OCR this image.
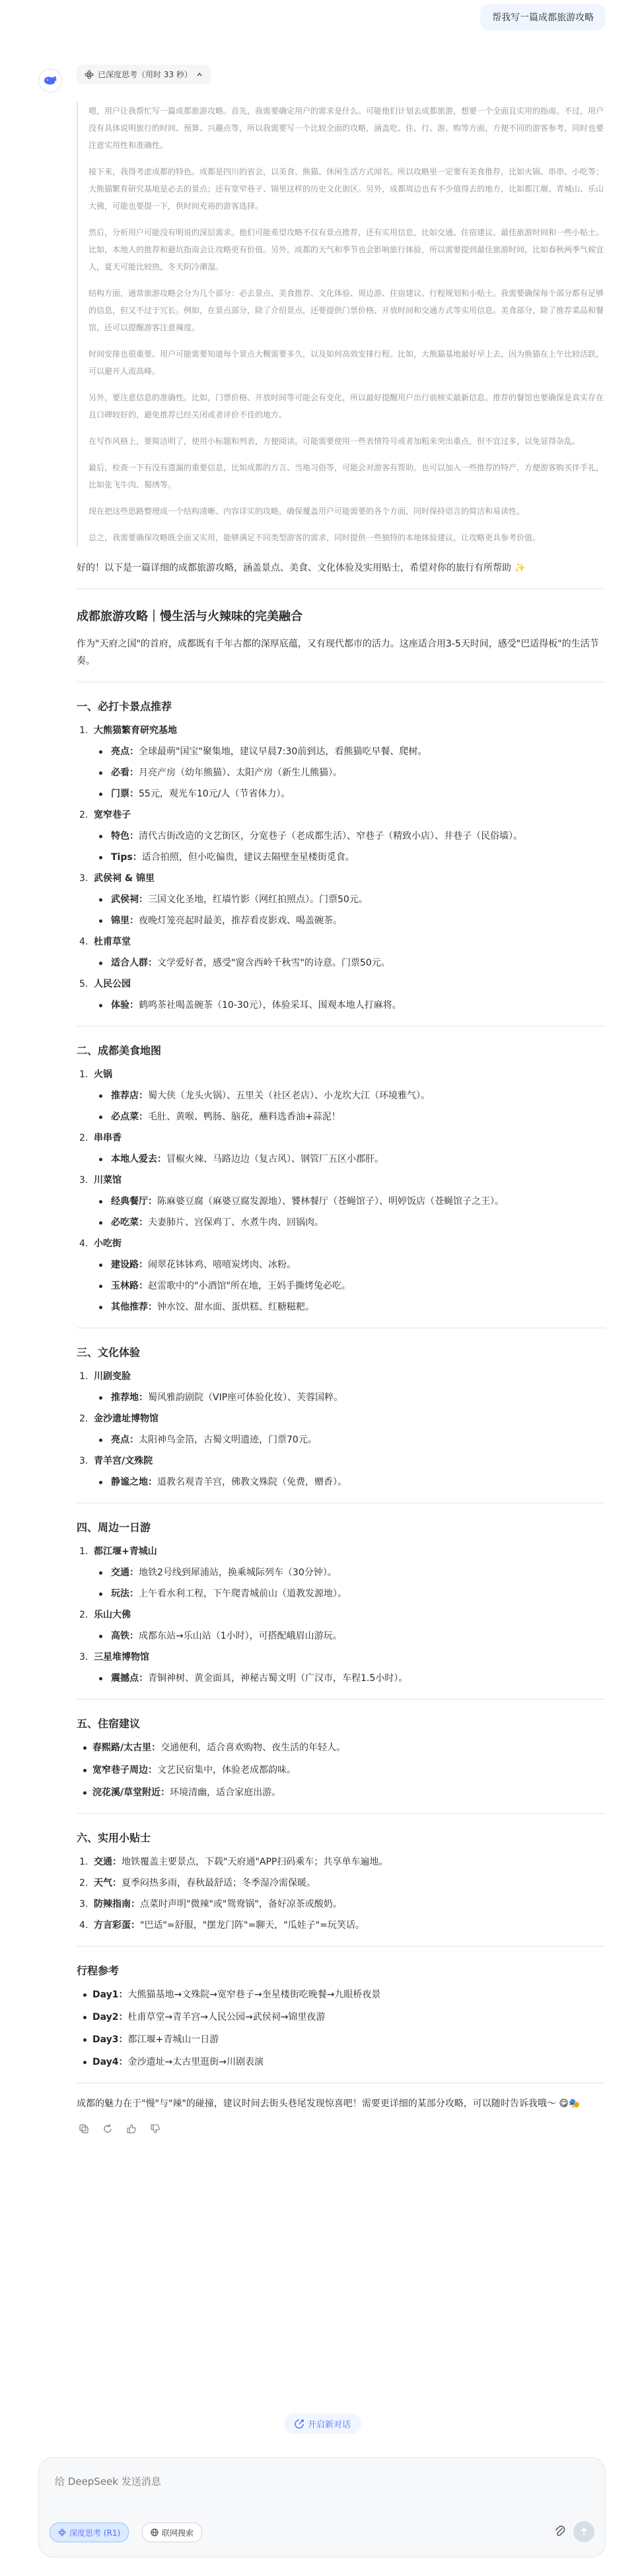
帮我写一篇成都旅游攻略
已深度思考（用时 33 秒）

嗯，用户让我帮忙写一篇成都旅游攻略。首先，我需要确定用户的需求是什么。可能他们计划去成都旅游，想要一个全面且实用的指南。不过，用户没有具体说明旅行的时间、预算、兴趣点等，所以我需要写一个比较全面的攻略，涵盖吃、住、行、游、购等方面，方便不同的游客参考，同时也要注意实用性和准确性。

接下来，我得考虑成都的特色。成都是四川的省会，以美食、熊猫、休闲生活方式闻名。所以攻略里一定要有美食推荐，比如火锅、串串、小吃等；大熊猫繁育研究基地是必去的景点；还有宽窄巷子、锦里这样的历史文化街区。另外，成都周边也有不少值得去的地方，比如都江堰、青城山、乐山大佛，可能也要提一下，供时间充裕的游客选择。

然后，分析用户可能没有明说的深层需求。他们可能希望攻略不仅有景点推荐，还有实用信息，比如交通、住宿建议、最佳旅游时间和一些小贴士。比如，本地人的推荐和避坑指南会让攻略更有价值。另外，成都的天气和季节也会影响旅行体验，所以需要提到最佳旅游时间，比如春秋两季气候宜人，夏天可能比较热，冬天阴冷潮湿。

结构方面，通常旅游攻略会分为几个部分：必去景点、美食推荐、文化体验、周边游、住宿建议、行程规划和小贴士。我需要确保每个部分都有足够的信息，但又不过于冗长。例如，在景点部分，除了介绍景点，还要提供门票价格、开放时间和交通方式等实用信息。美食部分，除了推荐菜品和餐馆，还可以提醒游客注意辣度。

时间安排也很重要。用户可能需要知道每个景点大概需要多久，以及如何高效安排行程。比如，大熊猫基地最好早上去，因为熊猫在上午比较活跃，可以避开人流高峰。

另外，要注意信息的准确性。比如，门票价格、开放时间等可能会有变化，所以最好提醒用户出行前核实最新信息。推荐的餐馆也要确保是真实存在且口碑较好的，避免推荐已经关闭或者评价不佳的地方。

在写作风格上，要简洁明了，使用小标题和列表，方便阅读。可能需要使用一些表情符号或者加粗来突出重点，但不宜过多，以免显得杂乱。

最后，检查一下有没有遗漏的重要信息，比如成都的方言、当地习俗等，可能会对游客有帮助。也可以加入一些推荐的特产，方便游客购买伴手礼，比如张飞牛肉、蜀绣等。

现在把这些思路整理成一个结构清晰、内容详实的攻略，确保覆盖用户可能需要的各个方面，同时保持语言的简洁和易读性。

总之，我需要确保攻略既全面又实用，能够满足不同类型游客的需求，同时提供一些独特的本地体验建议，让攻略更具参考价值。

好的！以下是一篇详细的成都旅游攻略，涵盖景点、美食、文化体验及实用贴士，希望对你的旅行有所帮助 ✨

成都旅游攻略｜慢生活与火辣味的完美融合

作为"天府之国"的首府，成都既有千年古都的深厚底蕴，又有现代都市的活力。这座适合用3-5天时间，感受"巴适得板"的生活节奏。

一、必打卡景点推荐
1. 大熊猫繁育研究基地
亮点：全球最萌"国宝"聚集地，建议早晨7:30前到达，看熊猫吃早餐、爬树。
必看：月亮产房（幼年熊猫）、太阳产房（新生儿熊猫）。
门票：55元，观光车10元/人（节省体力）。
2. 宽窄巷子
特色：清代古街改造的文艺街区，分宽巷子（老成都生活）、窄巷子（精致小店）、井巷子（民俗墙）。
Tips：适合拍照，但小吃偏贵，建议去隔壁奎星楼街觅食。
3. 武侯祠 & 锦里
武侯祠：三国文化圣地，红墙竹影（网红拍照点）。门票50元。
锦里：夜晚灯笼亮起时最美，推荐看皮影戏、喝盖碗茶。
4. 杜甫草堂
适合人群：文学爱好者，感受"窗含西岭千秋雪"的诗意。门票50元。
5. 人民公园
体验：鹤鸣茶社喝盖碗茶（10-30元），体验采耳、围观本地人打麻将。
二、成都美食地图
1. 火锅
推荐店：蜀大侠（龙头火锅）、五里关（社区老店）、小龙坎大江（环境雅气）。
必点菜：毛肚、黄喉、鸭肠、脑花，蘸料选香油+蒜泥！
2. 串串香
本地人爱去：冒椒火辣、马路边边（复古风）、钢管厂五区小郡肝。
3. 川菜馆
经典餐厅：陈麻婆豆腐（麻婆豆腐发源地）、饕林餐厅（苍蝇馆子）、明婷饭店（苍蝇馆子之王）。
必吃菜：夫妻肺片、宫保鸡丁、水煮牛肉、回锅肉。
4. 小吃街
建设路：闹翠花钵钵鸡、嘻嘻炭烤肉、冰粉。
玉林路：赵雷歌中的"小酒馆"所在地，王妈手撕烤兔必吃。
其他推荐：钟水饺、甜水面、蛋烘糕、红糖糍粑。
三、文化体验
1. 川剧变脸
推荐地：蜀风雅韵剧院（VIP座可体验化妆）、芙蓉国粹。
2. 金沙遗址博物馆
亮点：太阳神鸟金箔，古蜀文明遗迹，门票70元。
3. 青羊宫/文殊院
静谧之地：道教名观青羊宫，佛教文殊院（免费，赠香）。
四、周边一日游
1. 都江堰+青城山
交通：地铁2号线到犀浦站，换乘城际列车（30分钟）。
玩法：上午看水利工程，下午爬青城前山（道教发源地）。
2. 乐山大佛
高铁：成都东站→乐山站（1小时），可搭配峨眉山游玩。
3. 三星堆博物馆
震撼点：青铜神树、黄金面具，神秘古蜀文明（广汉市，车程1.5小时）。
五、住宿建议
春熙路/太古里：交通便利，适合喜欢购物、夜生活的年轻人。
宽窄巷子周边：文艺民宿集中，体验老成都韵味。
浣花溪/草堂附近：环境清幽，适合家庭出游。
六、实用小贴士
1. 交通：地铁覆盖主要景点，下载"天府通"APP扫码乘车；共享单车遍地。
2. 天气：夏季闷热多雨，春秋最舒适；冬季湿冷需保暖。
3. 防辣指南：点菜时声明"微辣"或"鸳鸯锅"，备好凉茶或酸奶。
4. 方言彩蛋："巴适"=舒服，"摆龙门阵"=聊天，"瓜娃子"=玩笑话。
行程参考
Day1：大熊猫基地→文殊院→宽窄巷子→奎星楼街吃晚餐→九眼桥夜景
Day2：杜甫草堂→青羊宫→人民公园→武侯祠→锦里夜游
Day3：都江堰+青城山一日游
Day4：金沙遗址→太古里逛街→川剧表演

成都的魅力在于"慢"与"辣"的碰撞，建议时间去街头巷尾发现惊喜吧！需要更详细的某部分攻略，可以随时告诉我哦～ 😋🎭

开启新对话
给 DeepSeek 发送消息
深度思考 (R1)	联网搜索
